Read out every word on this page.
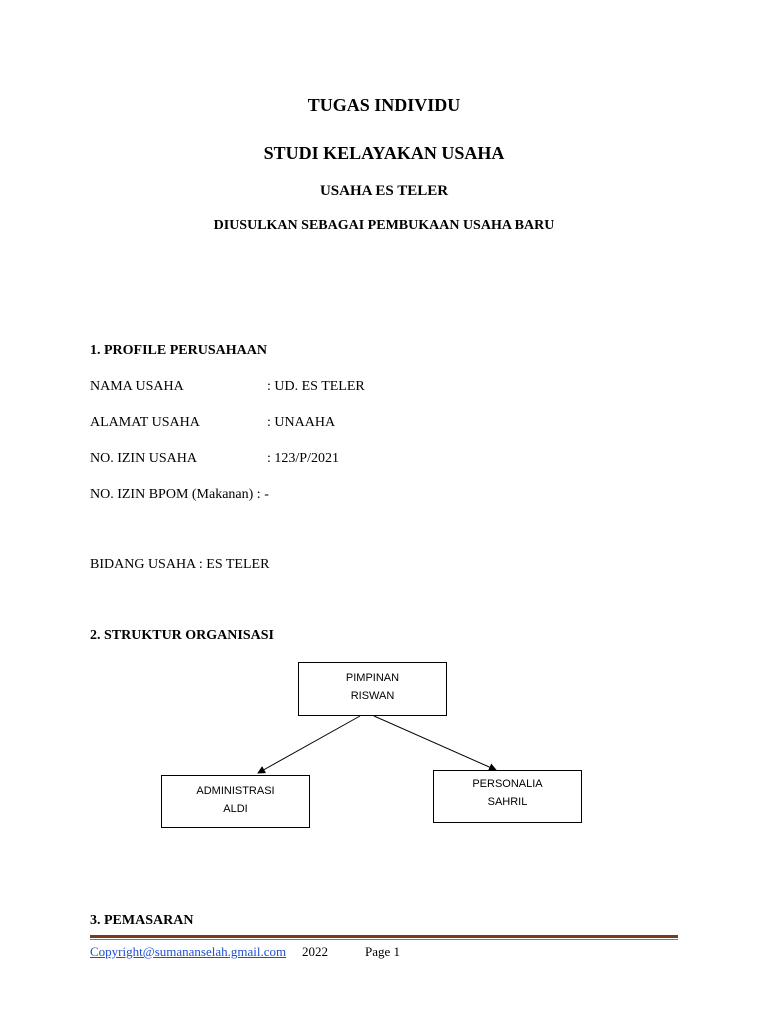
TUGAS INDIVIDU
STUDI KELAYAKAN USAHA
USAHA ES TELER
DIUSULKAN SEBAGAI PEMBUKAAN USAHA BARU
1. PROFILE PERUSAHAAN
NAMA USAHA	: UD. ES TELER
ALAMAT USAHA	: UNAAHA
NO. IZIN USAHA	: 123/P/2021
NO. IZIN BPOM (Makanan) : -
BIDANG USAHA : ES TELER
2. STRUKTUR ORGANISASI
PIMPINAN
RISWAN
ADMINISTRASI
ALDI
PERSONALIA
SAHRIL
3. PEMASARAN
Copyright@sumananselah.gmail.com 2022	Page 1
